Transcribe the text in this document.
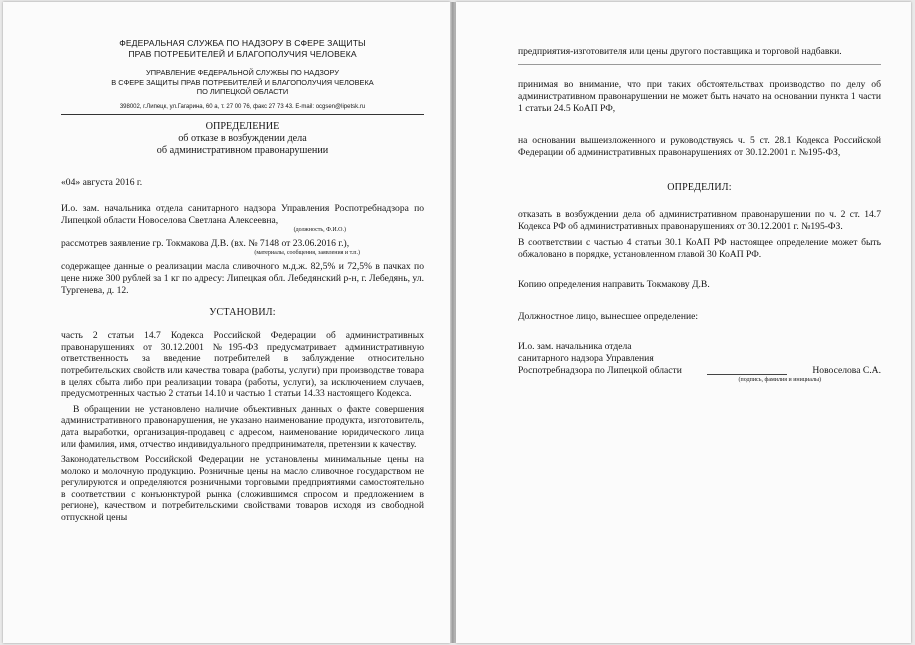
ФЕДЕРАЛЬНАЯ СЛУЖБА ПО НАДЗОРУ В СФЕРЕ ЗАЩИТЫ
ПРАВ ПОТРЕБИТЕЛЕЙ И БЛАГОПОЛУЧИЯ ЧЕЛОВЕКА
УПРАВЛЕНИЕ ФЕДЕРАЛЬНОЙ СЛУЖБЫ ПО НАДЗОРУ
В СФЕРЕ ЗАЩИТЫ ПРАВ ПОТРЕБИТЕЛЕЙ И БЛАГОПОЛУЧИЯ ЧЕЛОВЕКА
ПО ЛИПЕЦКОЙ ОБЛАСТИ
398002, г.Липецк, ул.Гагарина, 60 а, т. 27 00 76, факс 27 73 43. E-mail: ocgsen@lipetsk.ru
ОПРЕДЕЛЕНИЕ
об отказе в возбуждении дела
об административном правонарушении

«04» августа 2016 г.

И.о. зам. начальника отдела санитарного надзора Управления Роспотребнадзора по Липецкой области Новоселова Светлана Алексеевна,

(должность, Ф.И.О.)

рассмотрев заявление гр. Токмакова Д.В. (вх. № 7148 от 23.06.2016 г.),

(материалы, сообщения, заявления и т.п.)

содержащее данные о реализации масла сливочного м.д.ж. 82,5% и 72,5% в пачках по цене ниже 300 рублей за 1 кг по адресу: Липецкая обл. Лебедянский р-н, г. Лебедянь, ул. Тургенева, д. 12.

УСТАНОВИЛ:

часть 2 статьи 14.7 Кодекса Российской Федерации об административных правонарушениях от 30.12.2001 №195-ФЗ предусматривает административную ответственность за введение потребителей в заблуждение относительно потребительских свойств или качества товара (работы, услуги) при производстве товара в целях сбыта либо при реализации товара (работы, услуги), за исключением случаев, предусмотренных частью 2 статьи 14.10 и частью 1 статьи 14.33 настоящего Кодекса.

В обращении не установлено наличие объективных данных о факте совершения административного правонарушения, не указано наименование продукта, изготовитель, дата выработки, организация-продавец с адресом, наименование юридического лица или фамилия, имя, отчество индивидуального предпринимателя, претензии к качеству.

Законодательством Российской Федерации не установлены минимальные цены на молоко и молочную продукцию. Розничные цены на масло сливочное государством не регулируются и определяются розничными торговыми предприятиями самостоятельно в соответствии с конъюнктурой рынка (сложившимся спросом и предложением в регионе), качеством и потребительскими свойствами товаров исходя из свободной отпускной цены

предприятия-изготовителя или цены другого поставщика и торговой надбавки.

принимая во внимание, что при таких обстоятельствах производство по делу об административном правонарушении не может быть начато на основании пункта 1 части 1 статьи 24.5 КоАП РФ,

на основании вышеизложенного и руководствуясь ч. 5 ст. 28.1 Кодекса Российской Федерации об административных правонарушениях от 30.12.2001 г. №195-ФЗ,

ОПРЕДЕЛИЛ:

отказать в возбуждении дела об административном правонарушении по ч. 2 ст. 14.7 Кодекса РФ об административных правонарушениях от 30.12.2001 г. №195-ФЗ.

В соответствии с частью 4 статьи 30.1 КоАП РФ настоящее определение может быть обжаловано в порядке, установленном главой 30 КоАП РФ.

Копию определения направить Токмакову Д.В.

Должностное лицо, вынесшее определение:

И.о. зам. начальника отдела

санитарного надзора Управления

Роспотребнадзора по Липецкой области	Новоселова С.А.

(подпись, фамилия и инициалы)
